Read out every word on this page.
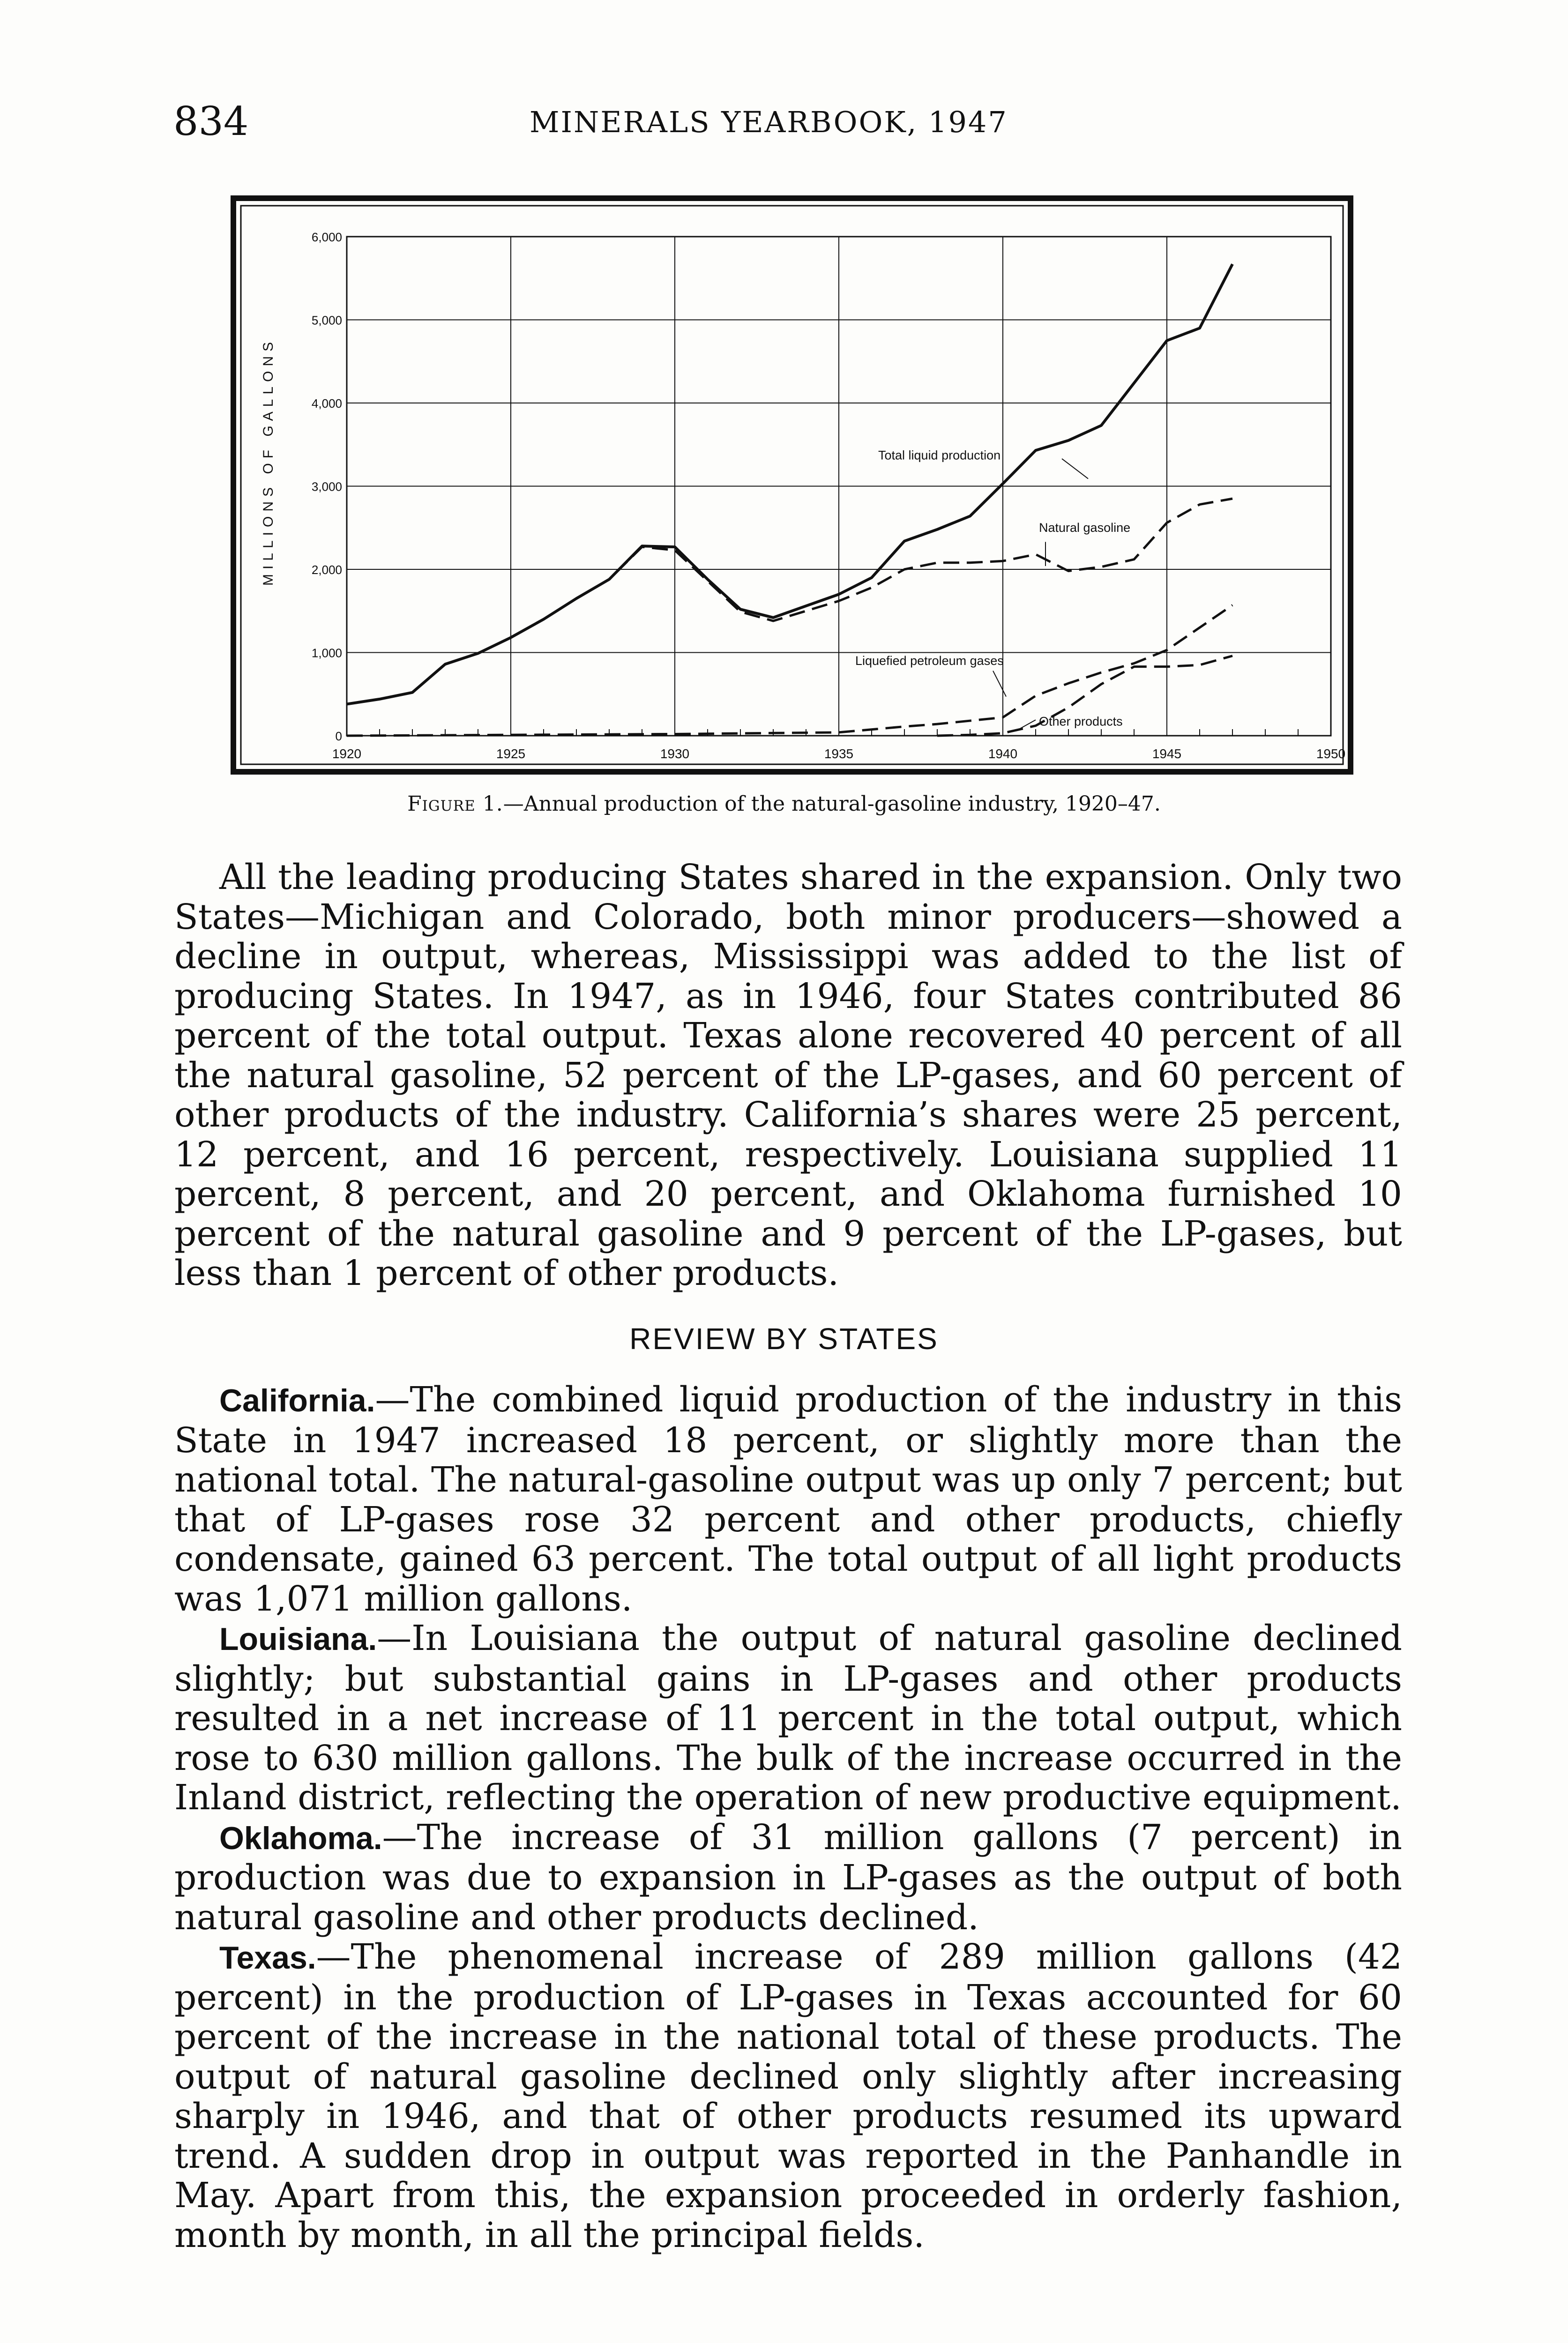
834	MINERALS YEARBOOK, 1947
1920	1925	1930	1935	1940	1945	1950
0
1,000
2,000
3,000
4,000
5,000
6,000
Total liquid production
Natural gasoline
Liquefied petroleum gases
Other products
MILLIONS OF GALLONS
Figure 1.—Annual production of the natural-gasoline industry, 1920–47.

All the leading producing States shared in the expansion. Only two States—Michigan and Colorado, both minor producers—showed a decline in output, whereas, Mississippi was added to the list of producing States. In 1947, as in 1946, four States contributed 86 percent of the total output. Texas alone recovered 40 percent of all the natural gasoline, 52 percent of the LP-gases, and 60 percent of other products of the industry. California’s shares were 25 percent, 12 percent, and 16 percent, respectively. Louisiana supplied 11 percent, 8 percent, and 20 percent, and Oklahoma furnished 10 percent of the natural gasoline and 9 percent of the LP-gases, but less than 1 percent of other products.

REVIEW BY STATES

California.—The combined liquid production of the industry in this State in 1947 increased 18 percent, or slightly more than the national total. The natural-gasoline output was up only 7 percent; but that of LP-gases rose 32 percent and other products, chiefly condensate, gained 63 percent. The total output of all light products was 1,071 million gallons.

Louisiana.—In Louisiana the output of natural gasoline declined slightly; but substantial gains in LP-gases and other products resulted in a net increase of 11 percent in the total output, which rose to 630 million gallons. The bulk of the increase occurred in the Inland district, reflecting the operation of new productive equipment.

Oklahoma.—The increase of 31 million gallons (7 percent) in production was due to expansion in LP-gases as the output of both natural gasoline and other products declined.

Texas.—The phenomenal increase of 289 million gallons (42 percent) in the production of LP-gases in Texas accounted for 60 percent of the increase in the national total of these products. The output of natural gasoline declined only slightly after increasing sharply in 1946, and that of other products resumed its upward trend. A sudden drop in output was reported in the Panhandle in May. Apart from this, the expansion proceeded in orderly fashion, month by month, in all the principal fields.
